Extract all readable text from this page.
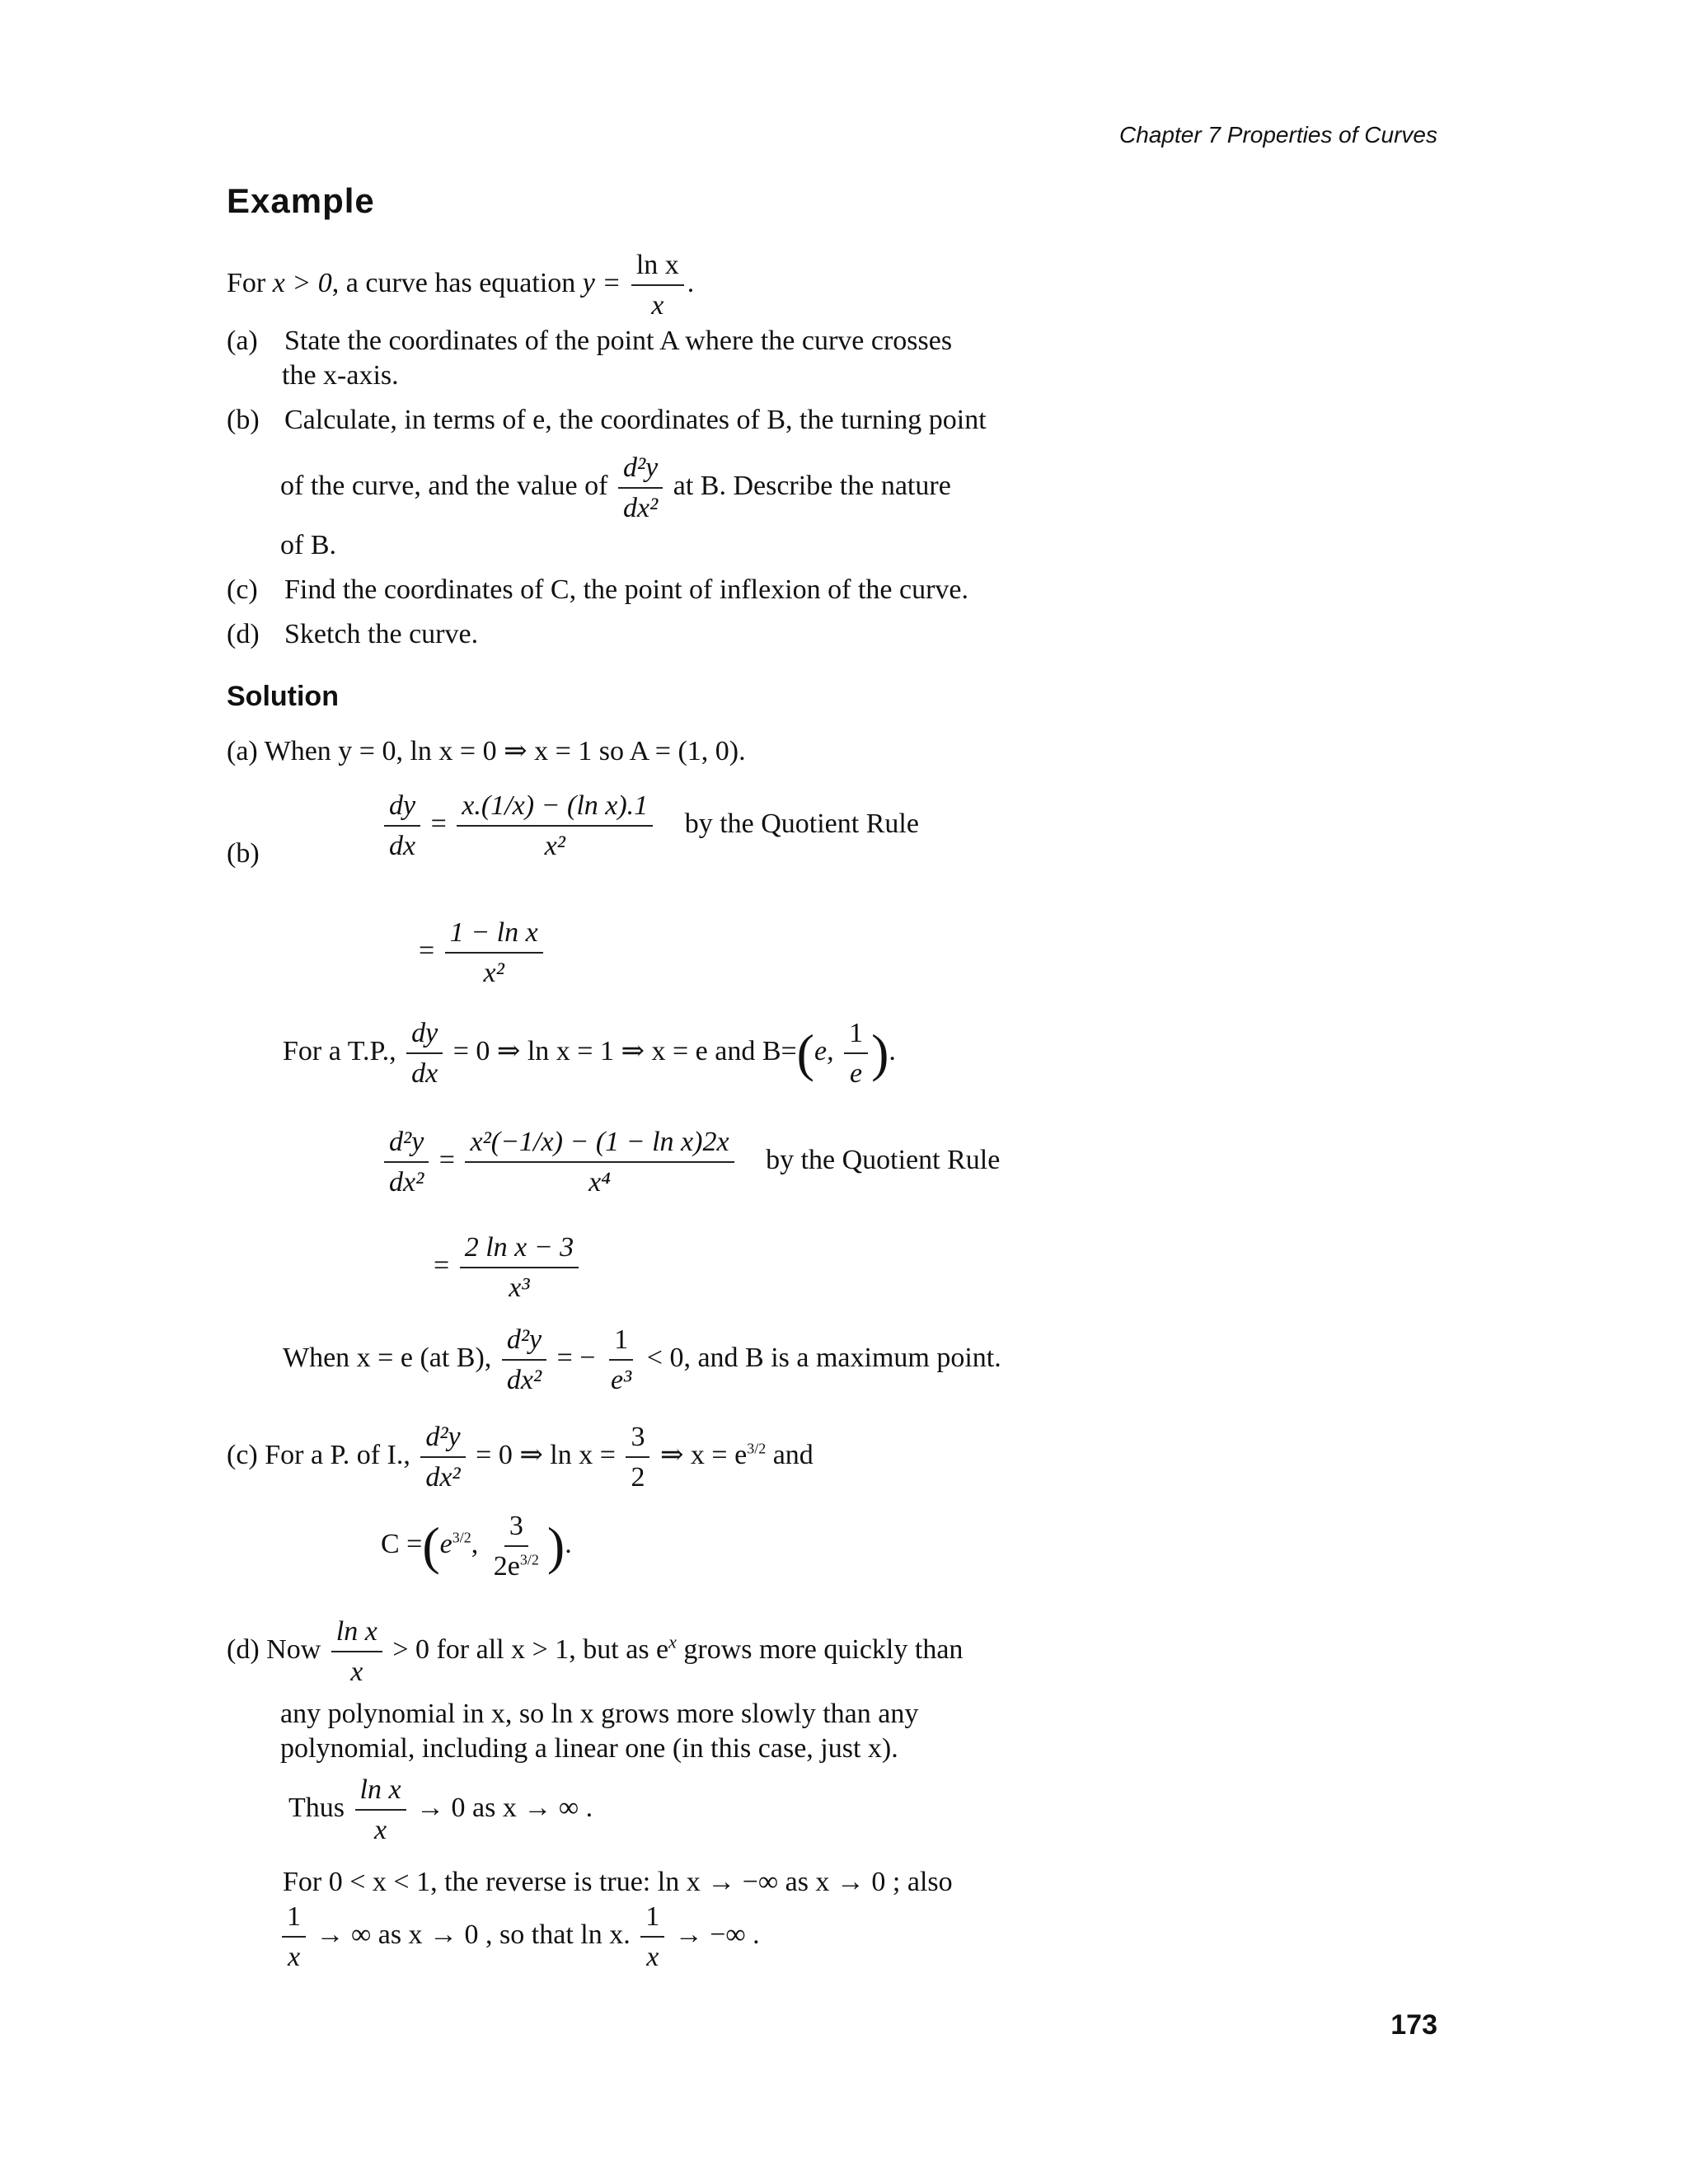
Chapter 7 Properties of Curves
Example
For x > 0, a curve has equation $y = \frac{\text{ln x}}{x}$ .
(a) State the coordinates of the point A where the curve crosses
the x-axis.
(b) Calculate, in terms of e, the coordinates of B, the turning point
of the curve, and the value of $\frac{\text{d²y}}{\text{dx²}}$ at B. Describe the nature
of B.
(c) Find the coordinates of C, the point of inflexion of the curve.
(d) Sketch the curve.
Solution
(a) When y = 0, ln x = 0 ⇒ x = 1 so A = (1, 0).
(b)	$\frac{dy}{dx} = \frac{\text{x.(1/x) − (ln x).1}}{\text{x²}}$ by the Quotient Rule
= $\frac{\text{1 − ln x}}{\text{x²}}$
For a T.P., $\frac{dy}{dx} = 0$ ⇒ ln x = 1 ⇒ x = e and B=(e, $\frac{1}{e}$ ).
$\frac{\text{d²y}}{\text{dx²}} = \frac{\text{x²(−1/x) − (1 − ln x)2x}}{\text{x⁴}}$ by the Quotient Rule
= $\frac{\text{2 ln x − 3}}{\text{x³}}$
When x = e (at B), $\frac{\text{d²y}}{\text{dx²}}$ = − $\frac{1}{\text{e³}} < 0$, and B is a maximum point.
(c) For a P. of I., $\frac{\text{d²y}}{\text{dx²}} = 0$ ⇒ $\ln x = \frac{3}{2}$ ⇒ $x = e^{3/2}$ and
$C =(e^{3/2}$, $\frac{3}{2e^{3/2}}$ ).
(d) Now $\frac{\text{ln x}}{x} > 0$ for all x > 1, but as $e^x$ grows more quickly than
any polynomial in x, so ln x grows more slowly than any
polynomial, including a linear one (in this case, just x).
Thus $\frac{\text{ln x}}{x} \to 0$ as x → ∞ .
For 0 < x < 1, the reverse is true: ln x → −∞ as x → 0 ; also
$\frac{1}{x}$ → ∞ as x → 0 , so that ln x. $\frac{1}{x}$ → −∞ .
173
